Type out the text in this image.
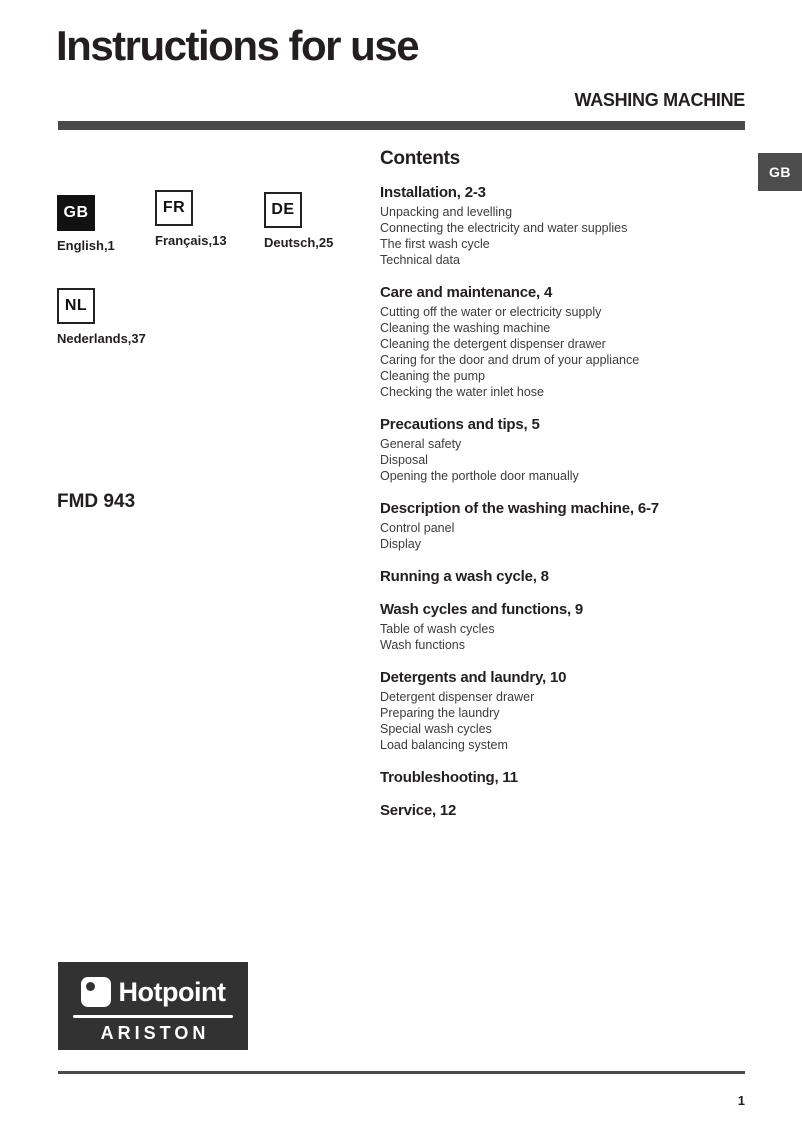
Instructions for use
WASHING MACHINE
GB
GB
English,1
FR
Français,13
DE
Deutsch,25
NL
Nederlands,37
FMD 943
Contents
Installation, 2-3
Unpacking and levelling
Connecting the electricity and water supplies
The first wash cycle
Technical data
Care and maintenance, 4
Cutting off the water or electricity supply
Cleaning the washing machine
Cleaning the detergent dispenser drawer
Caring for the door and drum of your appliance
Cleaning the pump
Checking the water inlet hose
Precautions and tips, 5
General safety
Disposal
Opening the porthole door manually
Description of the washing machine, 6-7
Control panel
Display
Running a wash cycle, 8
Wash cycles and functions, 9
Table of wash cycles
Wash functions
Detergents and laundry, 10
Detergent dispenser drawer
Preparing the laundry
Special wash cycles
Load balancing system
Troubleshooting, 11
Service, 12
Hotpoint
ARISTON
1
